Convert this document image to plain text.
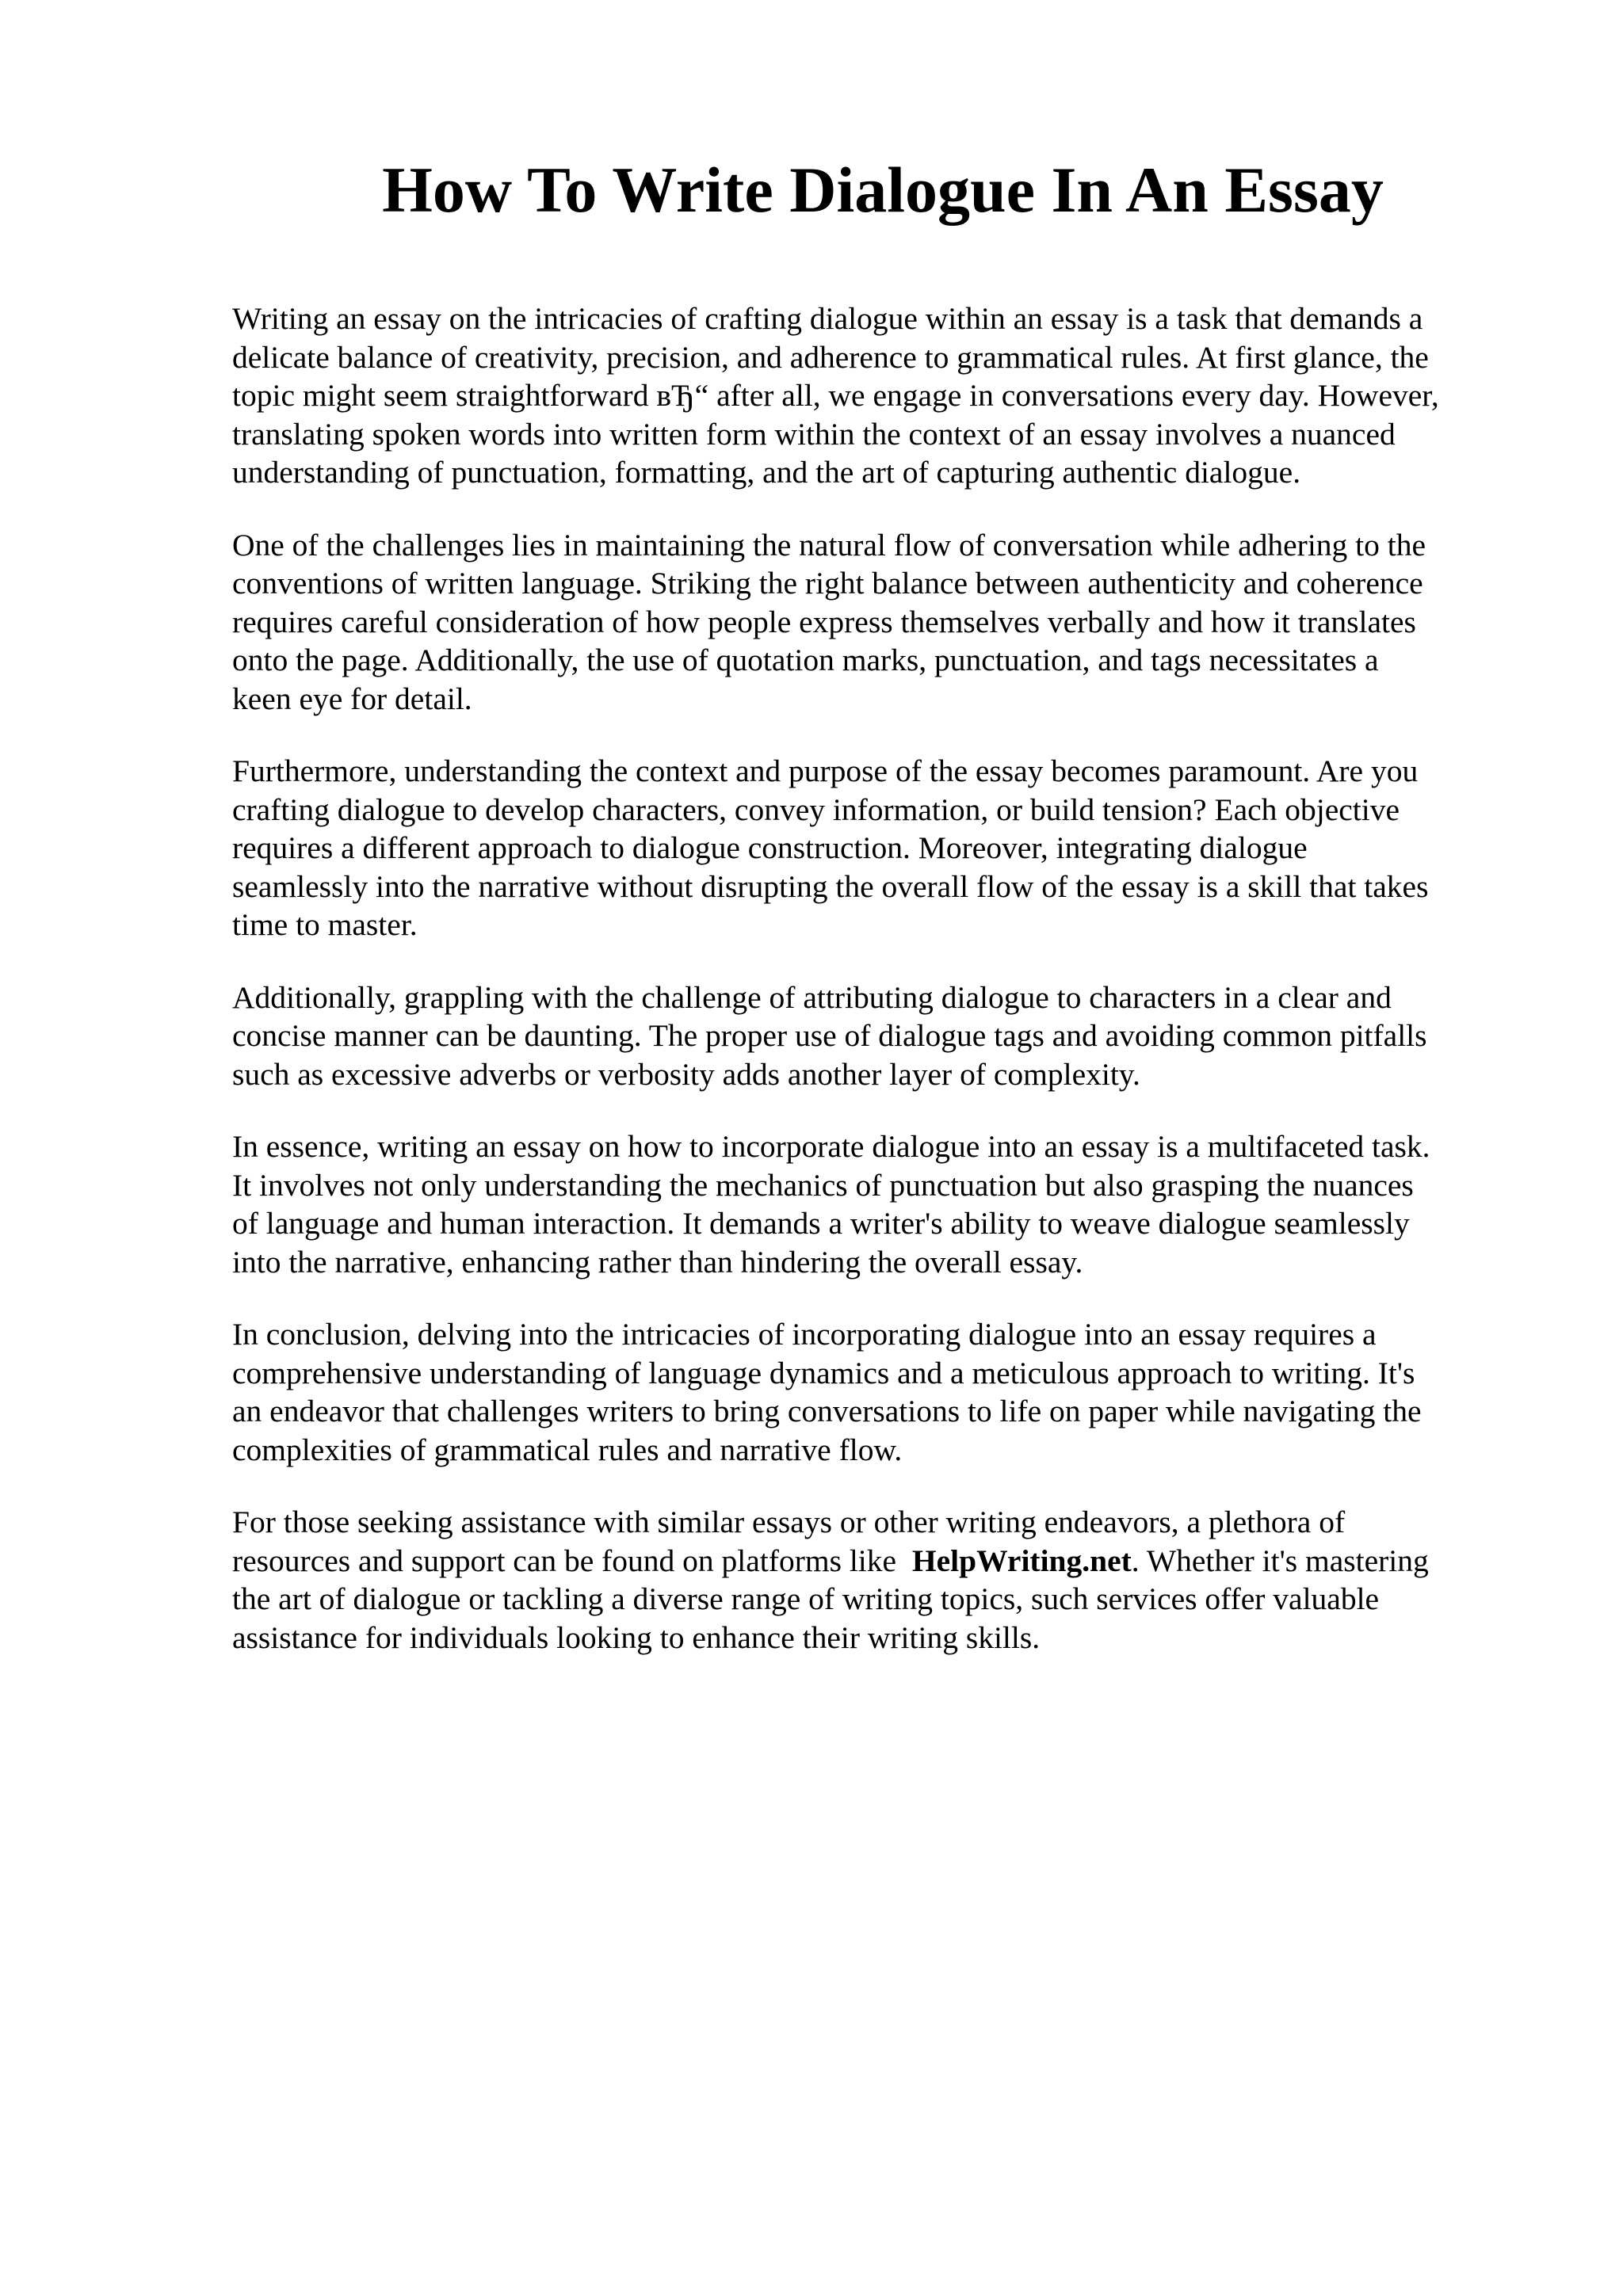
How To Write Dialogue In An Essay

Writing an essay on the intricacies of crafting dialogue within an essay is a task that demands a
delicate balance of creativity, precision, and adherence to grammatical rules. At first glance, the
topic might seem straightforward вЂ“ after all, we engage in conversations every day. However,
translating spoken words into written form within the context of an essay involves a nuanced
understanding of punctuation, formatting, and the art of capturing authentic dialogue.

One of the challenges lies in maintaining the natural flow of conversation while adhering to the
conventions of written language. Striking the right balance between authenticity and coherence
requires careful consideration of how people express themselves verbally and how it translates
onto the page. Additionally, the use of quotation marks, punctuation, and tags necessitates a
keen eye for detail.

Furthermore, understanding the context and purpose of the essay becomes paramount. Are you
crafting dialogue to develop characters, convey information, or build tension? Each objective
requires a different approach to dialogue construction. Moreover, integrating dialogue
seamlessly into the narrative without disrupting the overall flow of the essay is a skill that takes
time to master.

Additionally, grappling with the challenge of attributing dialogue to characters in a clear and
concise manner can be daunting. The proper use of dialogue tags and avoiding common pitfalls
such as excessive adverbs or verbosity adds another layer of complexity.

In essence, writing an essay on how to incorporate dialogue into an essay is a multifaceted task.
It involves not only understanding the mechanics of punctuation but also grasping the nuances
of language and human interaction. It demands a writer's ability to weave dialogue seamlessly
into the narrative, enhancing rather than hindering the overall essay.

In conclusion, delving into the intricacies of incorporating dialogue into an essay requires a
comprehensive understanding of language dynamics and a meticulous approach to writing. It's
an endeavor that challenges writers to bring conversations to life on paper while navigating the
complexities of grammatical rules and narrative flow.

For those seeking assistance with similar essays or other writing endeavors, a plethora of
resources and support can be found on platforms like HelpWriting.net. Whether it's mastering
the art of dialogue or tackling a diverse range of writing topics, such services offer valuable
assistance for individuals looking to enhance their writing skills.
